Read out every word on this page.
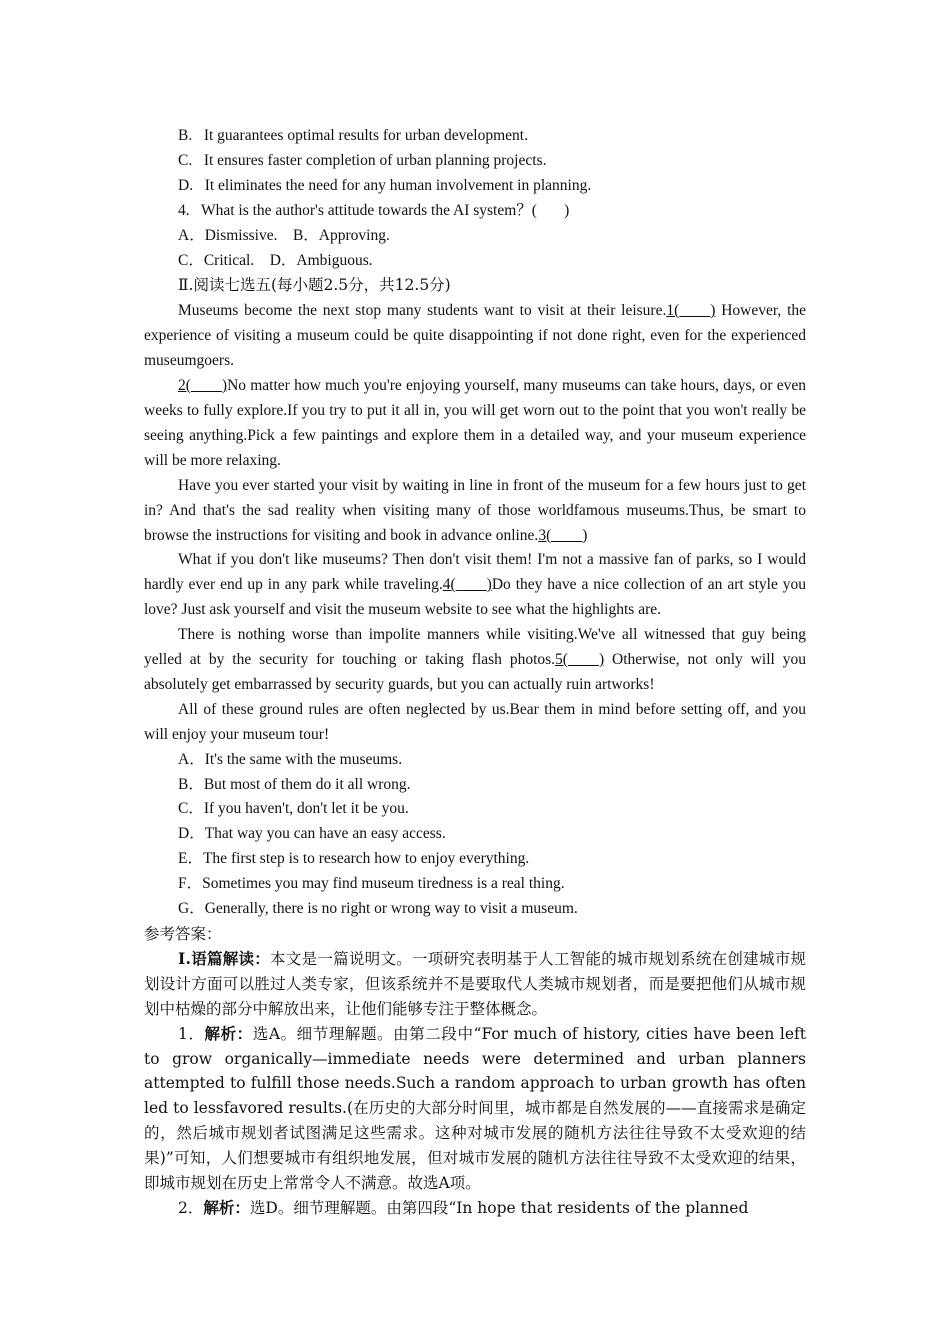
B.   It guarantees optimal results for urban development.

C.   It ensures faster completion of urban planning projects.

D.   It eliminates the need for any human involvement in planning.

4.   What is the author's attitude towards the AI system？(       )

A．Dismissive.    B．Approving.

C．Critical.    D．Ambiguous.

Ⅱ.阅读七选五(每小题2.5分，共12.5分)

Museums become the next stop many students want to visit at their leisure.1(____) However, the experience of visiting a museum could be quite disappointing if not done right, even for the experienced museumgoers.

2(____)No matter how much you're enjoying yourself, many museums can take hours, days, or even weeks to fully explore.If you try to put it all in, you will get worn out to the point that you won't really be seeing anything.Pick a few paintings and explore them in a detailed way, and your museum experience will be more relaxing.

Have you ever started your visit by waiting in line in front of the museum for a few hours just to get in? And that's the sad reality when visiting many of those worldfamous museums.Thus, be smart to browse the instructions for visiting and book in advance online.3(____)

What if you don't like museums? Then don't visit them! I'm not a massive fan of parks, so I would hardly ever end up in any park while traveling.4(____)Do they have a nice collection of an art style you love? Just ask yourself and visit the museum website to see what the highlights are.

There is nothing worse than impolite manners while visiting.We've all witnessed that guy being yelled at by the security for touching or taking flash photos.5(____) Otherwise, not only will you absolutely get embarrassed by security guards, but you can actually ruin artworks!

All of these ground rules are often neglected by us.Bear them in mind before setting off, and you will enjoy your museum tour!

A．It's the same with the museums.

B．But most of them do it all wrong.

C．If you haven't, don't let it be you.

D．That way you can have an easy access.

E．The first step is to research how to enjoy everything.

F．Sometimes you may find museum tiredness is a real thing.

G．Generally, there is no right or wrong way to visit a museum.

参考答案：

Ⅰ.语篇解读：本文是一篇说明文。一项研究表明基于人工智能的城市规划系统在创建城市规划设计方面可以胜过人类专家，但该系统并不是要取代人类城市规划者，而是要把他们从城市规划中枯燥的部分中解放出来，让他们能够专注于整体概念。

1．解析：选A。细节理解题。由第二段中“For much of history, cities have been left to grow organically—immediate needs were determined and urban planners attempted to fulfill those needs.Such a random approach to urban growth has often led to lessfavored results.(在历史的大部分时间里，城市都是自然发展的——直接需求是确定的，然后城市规划者试图满足这些需求。这种对城市发展的随机方法往往导致不太受欢迎的结果)”可知，人们想要城市有组织地发展，但对城市发展的随机方法往往导致不太受欢迎的结果，即城市规划在历史上常常令人不满意。故选A项。

2．解析：选D。细节理解题。由第四段“In hope that residents of the planned
